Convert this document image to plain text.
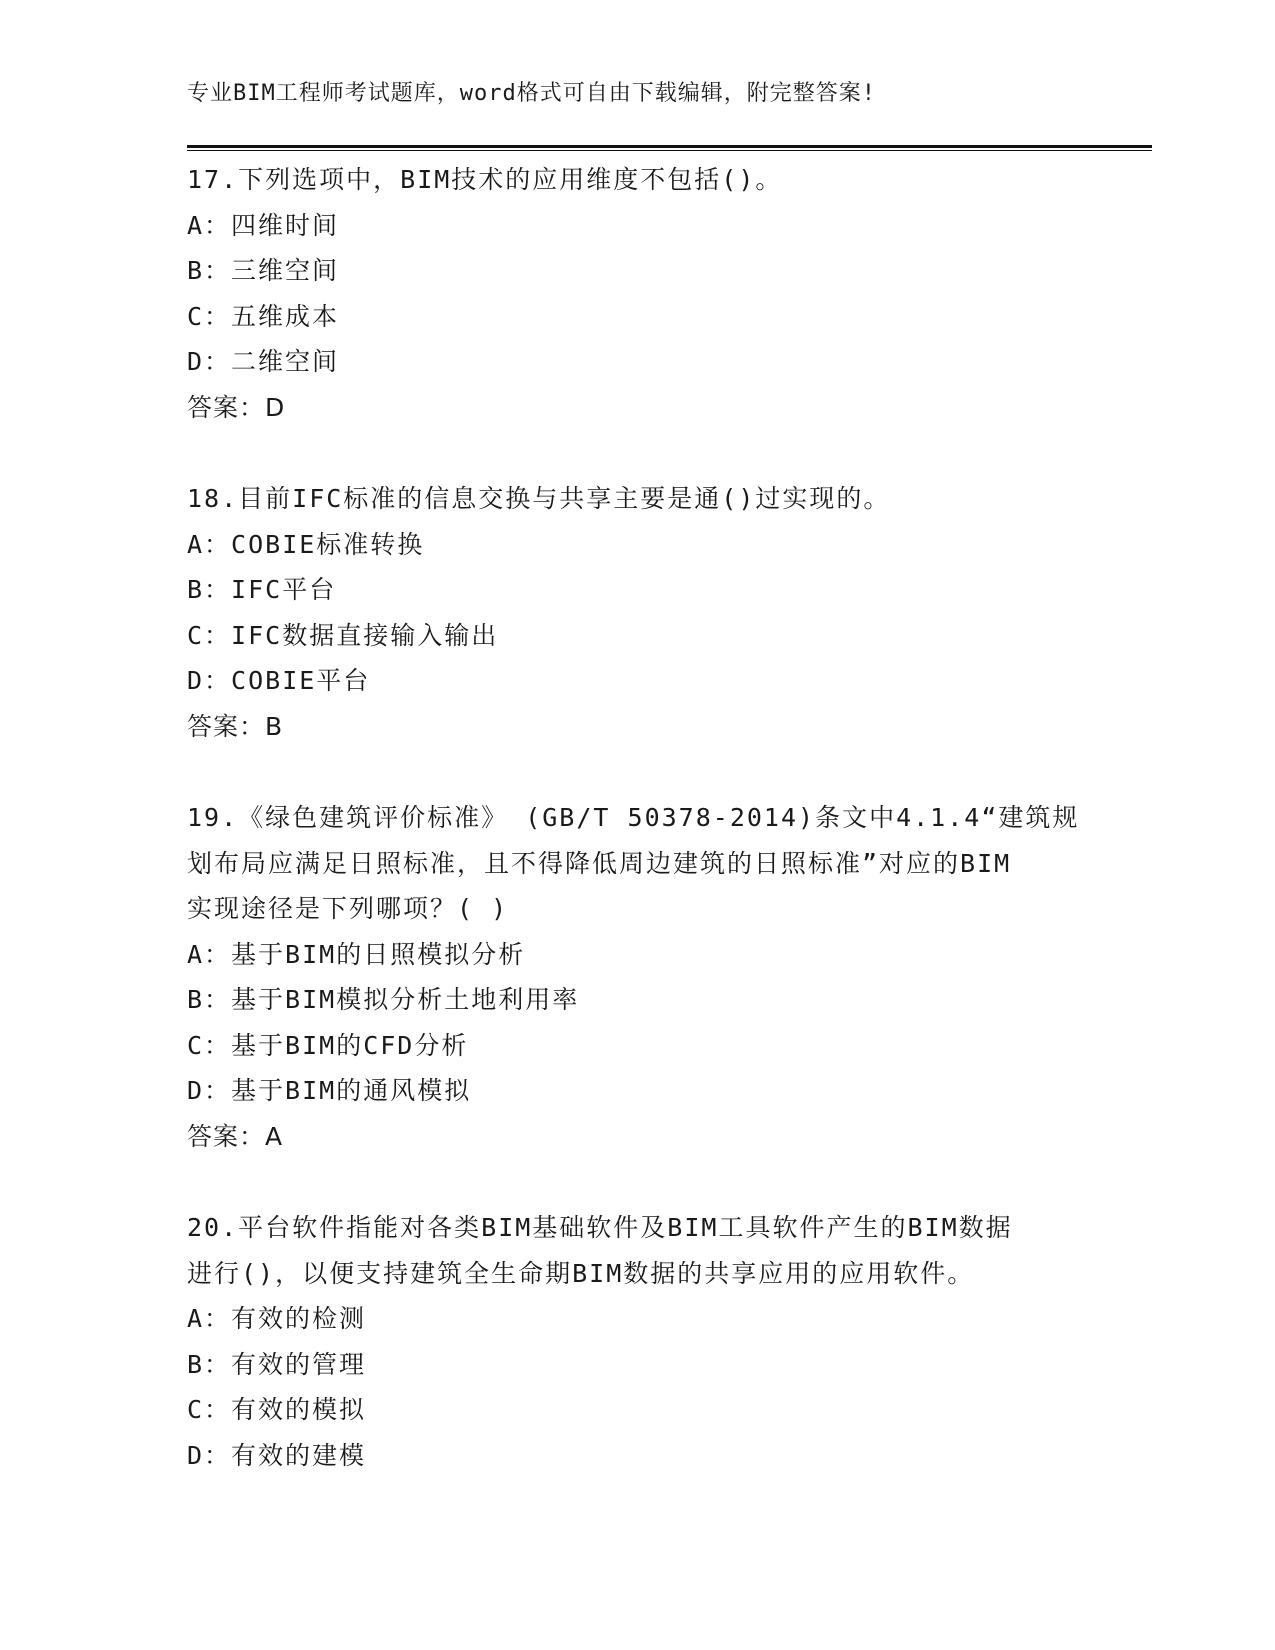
专业BIM工程师考试题库，word格式可自由下载编辑，附完整答案!
17.下列选项中，BIM技术的应用维度不包括()。
A：四维时间
B：三维空间
C：五维成本
D：二维空间
答案：D
18.目前IFC标准的信息交换与共享主要是通()过实现的。
A：COBIE标准转换
B：IFC平台
C：IFC数据直接输入输出
D：COBIE平台
答案：B
19.《绿色建筑评价标准》 (GB/T 50378-2014)条文中4.1.4“建筑规
划布局应满足日照标准，且不得降低周边建筑的日照标准”对应的BIM
实现途径是下列哪项？( )
A：基于BIM的日照模拟分析
B：基于BIM模拟分析土地利用率
C：基于BIM的CFD分析
D：基于BIM的通风模拟
答案：A
20.平台软件指能对各类BIM基础软件及BIM工具软件产生的BIM数据
进行()，以便支持建筑全生命期BIM数据的共享应用的应用软件。
A：有效的检测
B：有效的管理
C：有效的模拟
D：有效的建模
